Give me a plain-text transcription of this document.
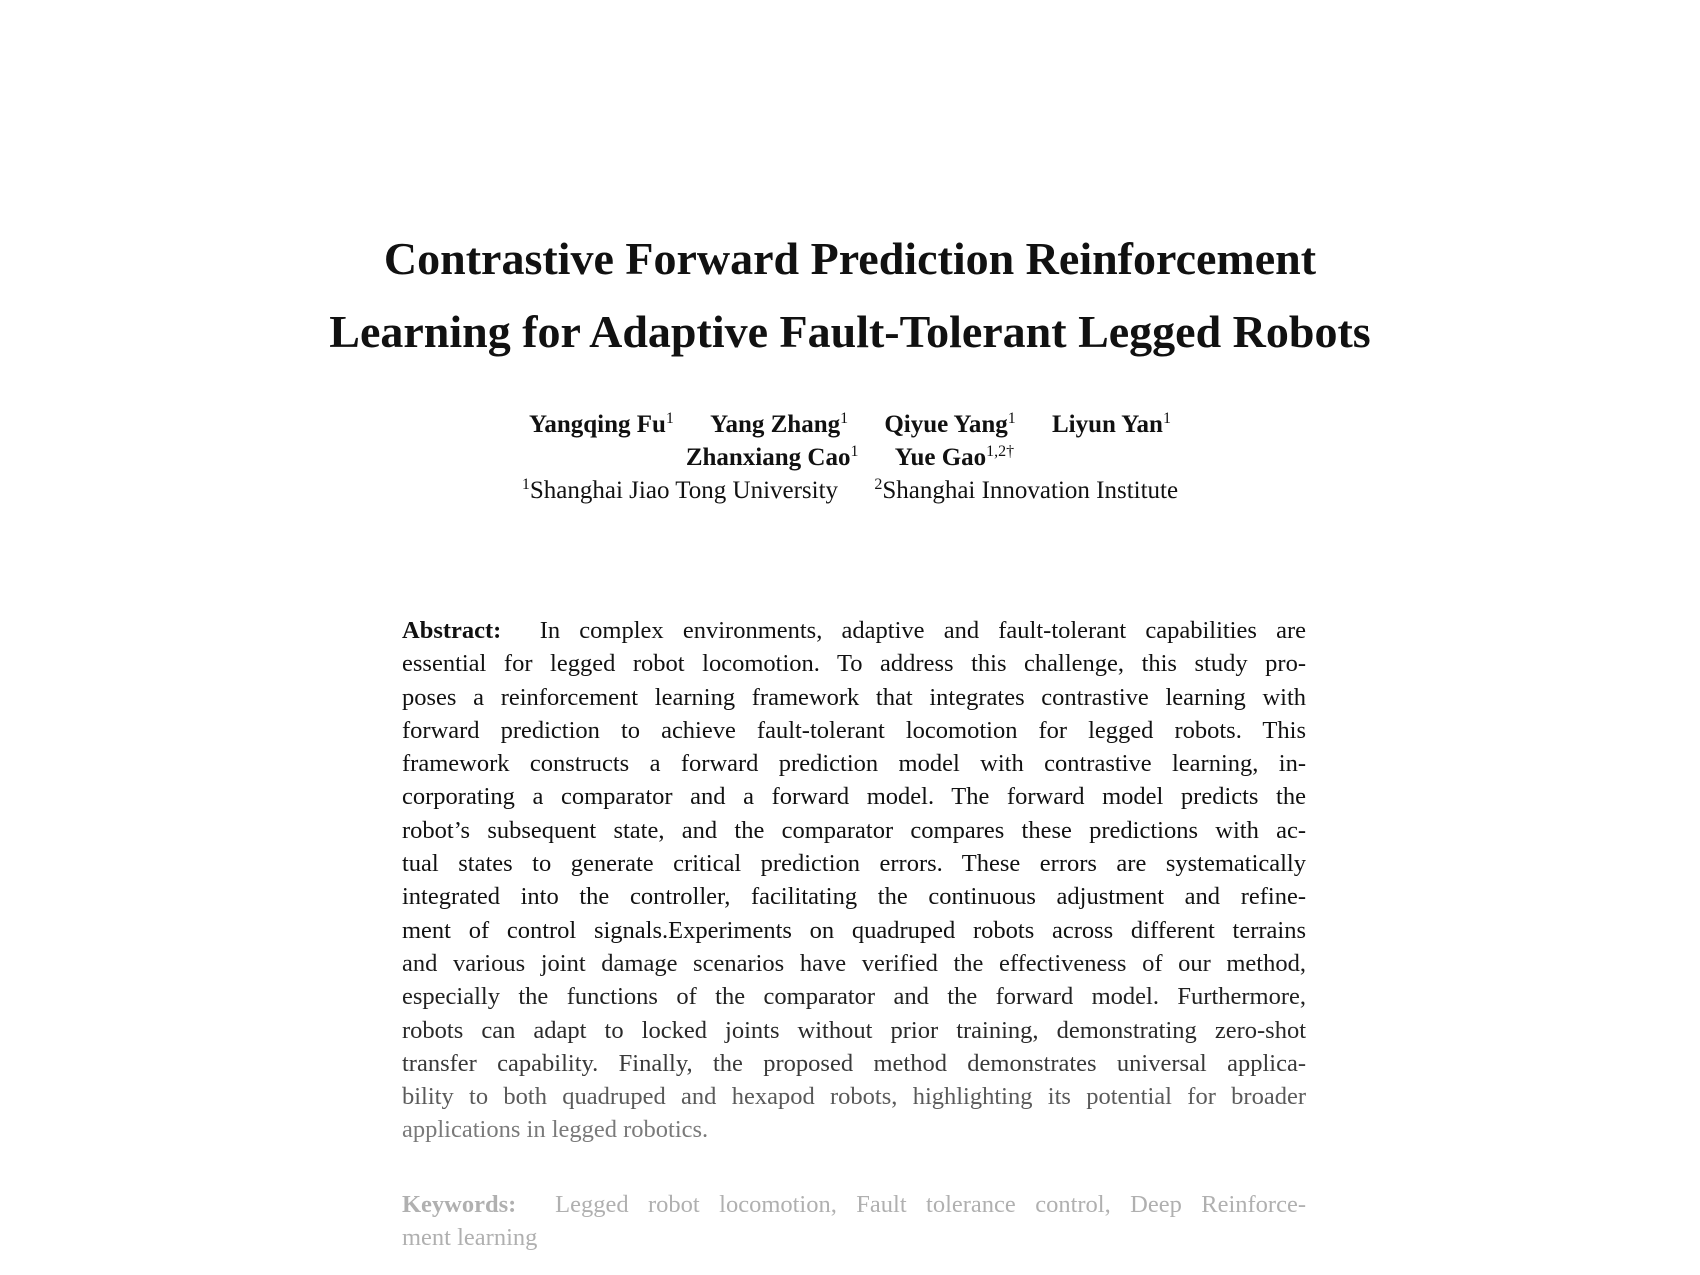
Contrastive Forward Prediction Reinforcement
Learning for Adaptive Fault-Tolerant Legged Robots
Yangqing Fu$^1$ Yang Zhang$^1$ Qiyue Yang$^1$ Liyun Yan$^1$
Zhanxiang Cao$^1$ Yue Gao$^{1,2\dagger}$
$^1$Shanghai Jiao Tong University $^2$Shanghai Innovation Institute
Abstract: In complex environments, adaptive and fault-tolerant capabilities are
essential for legged robot locomotion. To address this challenge, this study pro-
poses a reinforcement learning framework that integrates contrastive learning with
forward prediction to achieve fault-tolerant locomotion for legged robots. This
framework constructs a forward prediction model with contrastive learning, in-
corporating a comparator and a forward model. The forward model predicts the
robot’s subsequent state, and the comparator compares these predictions with ac-
tual states to generate critical prediction errors. These errors are systematically
integrated into the controller, facilitating the continuous adjustment and refine-
ment of control signals.Experiments on quadruped robots across different terrains
and various joint damage scenarios have verified the effectiveness of our method,
especially the functions of the comparator and the forward model. Furthermore,
robots can adapt to locked joints without prior training, demonstrating zero-shot
transfer capability. Finally, the proposed method demonstrates universal applica-
bility to both quadruped and hexapod robots, highlighting its potential for broader
applications in legged robotics.
Keywords: Legged robot locomotion, Fault tolerance control, Deep Reinforce-
ment learning
